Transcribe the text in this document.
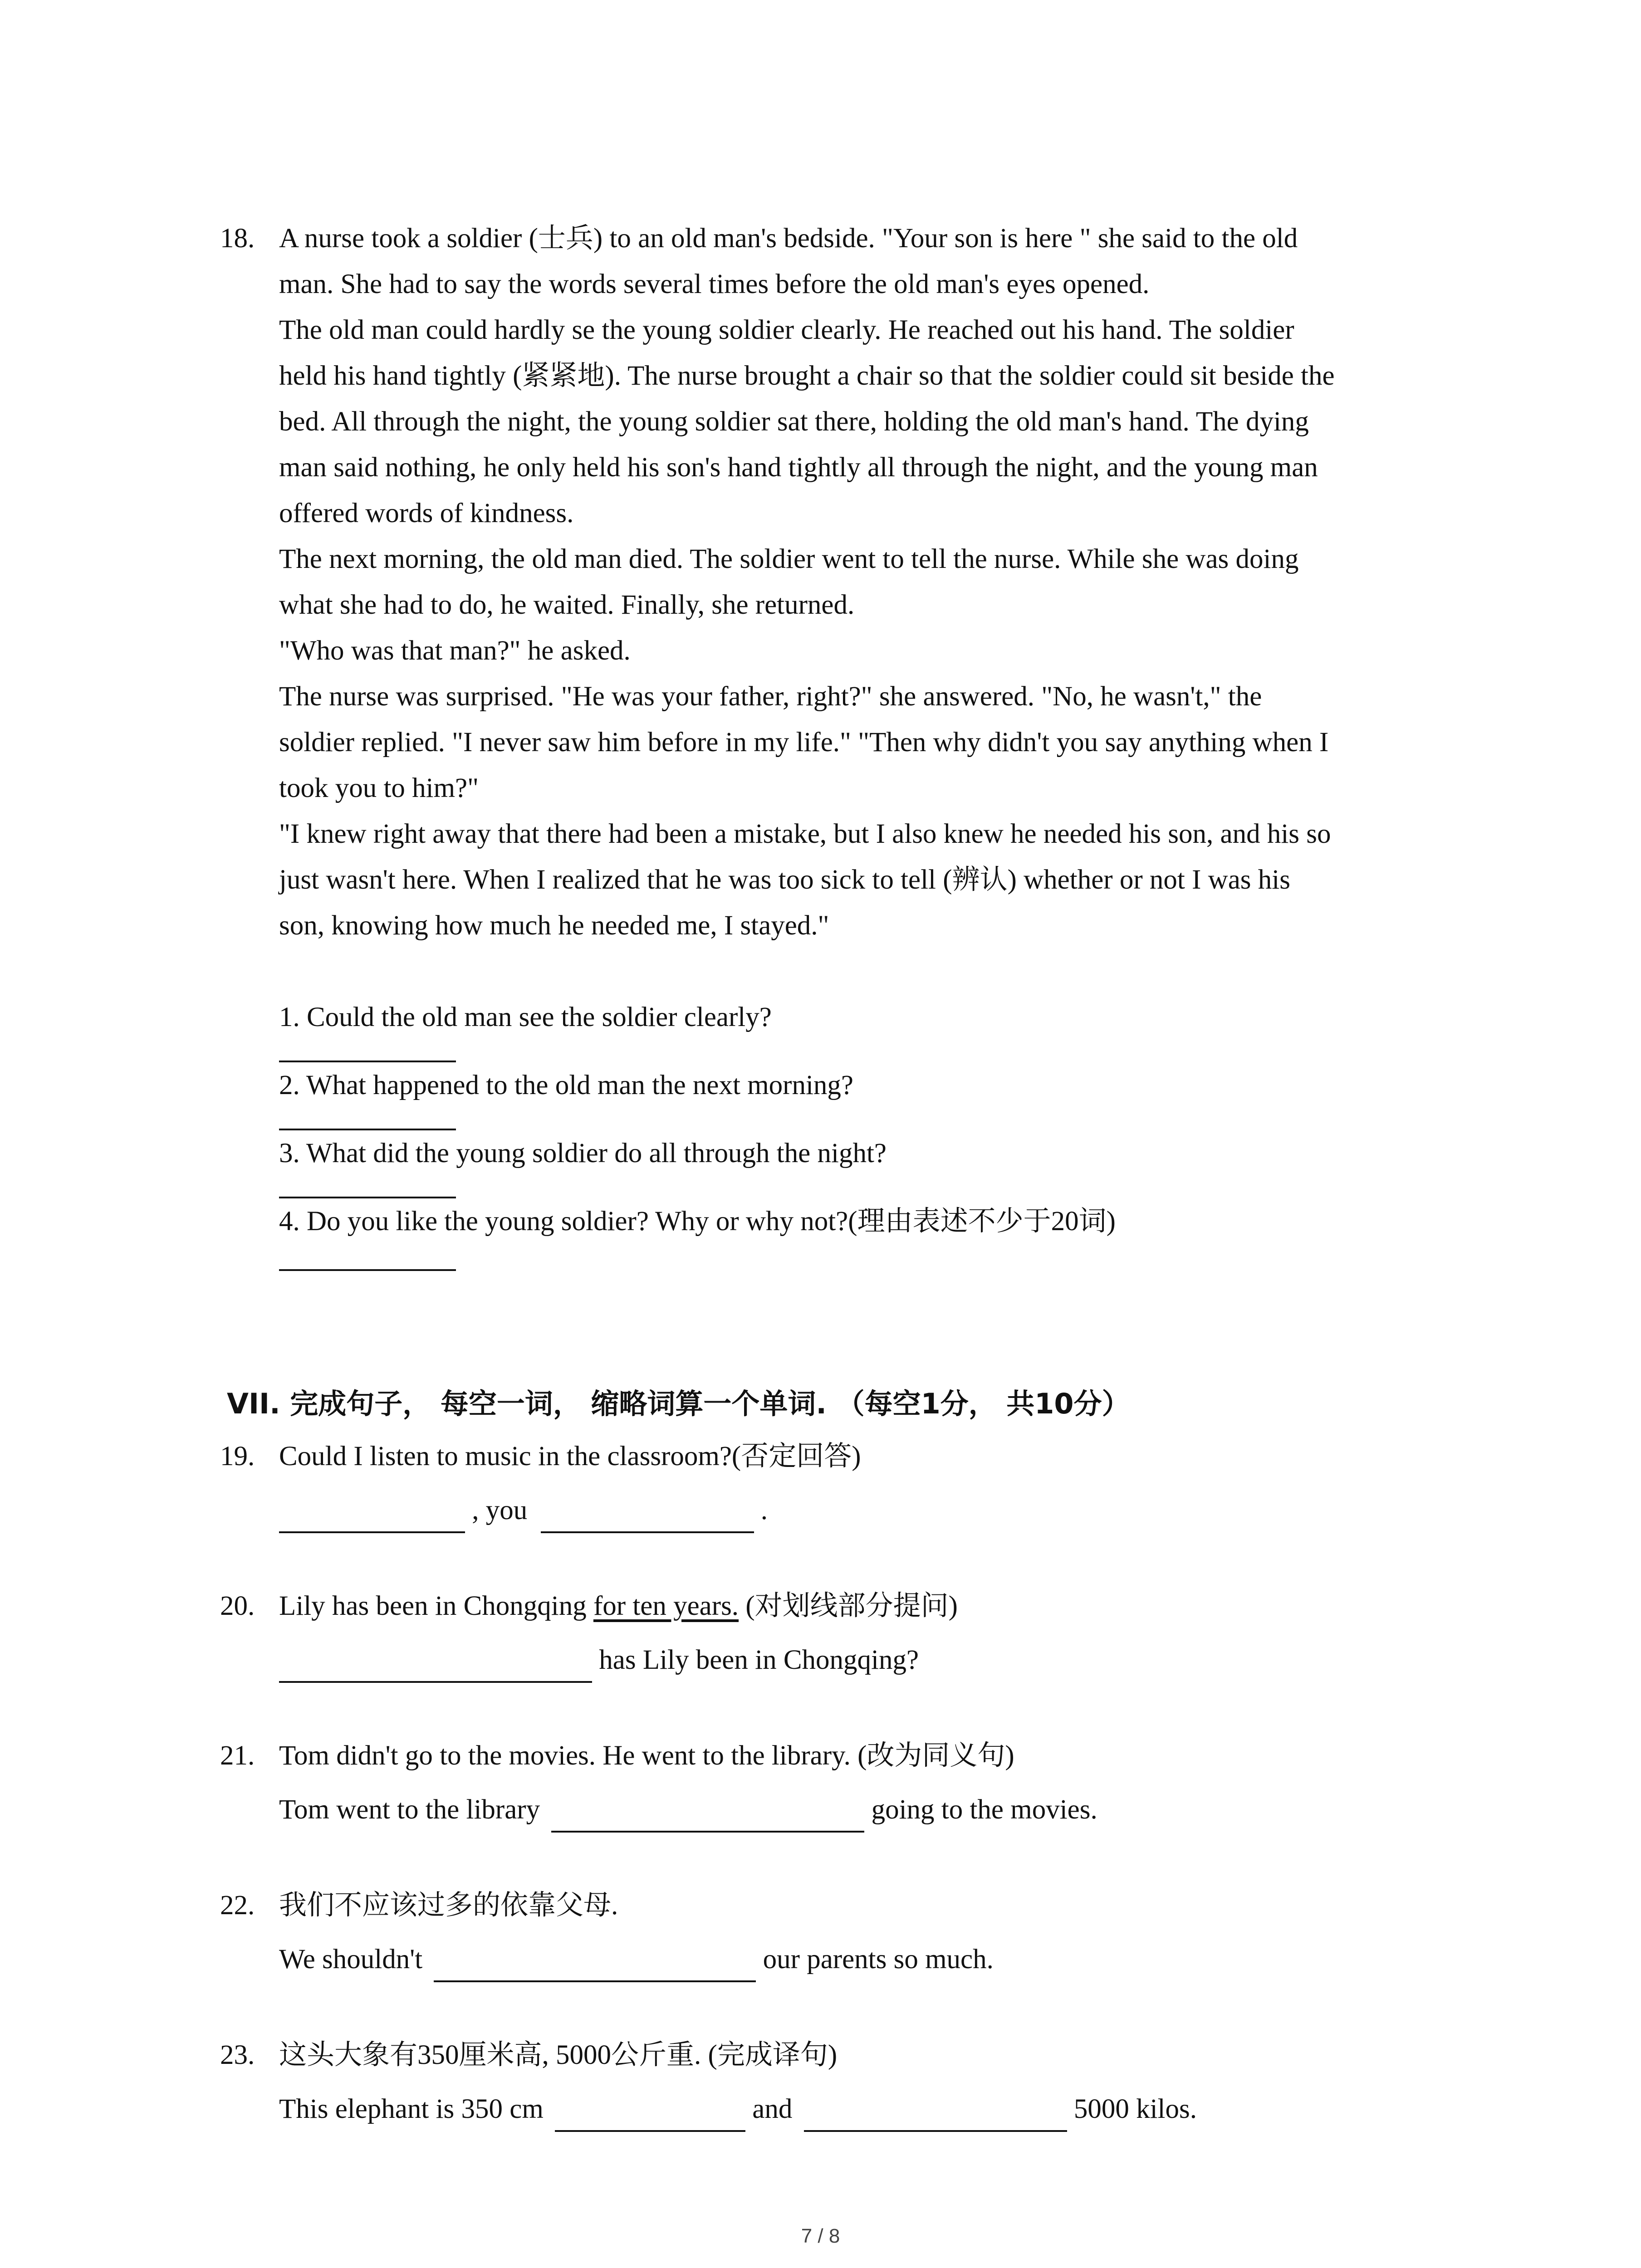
18. A nurse took a soldier (士兵) to an old man's bedside. "Your son is here " she said to the old
man. She had to say the words several times before the old man's eyes opened.
The old man could hardly se the young soldier clearly. He reached out his hand. The soldier
held his hand tightly (紧紧地). The nurse brought a chair so that the soldier could sit beside the
bed. All through the night, the young soldier sat there, holding the old man's hand. The dying
man said nothing, he only held his son's hand tightly all through the night, and the young man
offered words of kindness.
The next morning, the old man died. The soldier went to tell the nurse. While she was doing
what she had to do, he waited. Finally, she returned.
"Who was that man?" he asked.
The nurse was surprised. "He was your father, right?" she answered. "No, he wasn't," the
soldier replied. "I never saw him before in my life." "Then why didn't you say anything when I
took you to him?"
"I knew right away that there had been a mistake, but I also knew he needed his son, and his so
just wasn't here. When I realized that he was too sick to tell (辨认) whether or not I was his
son, knowing how much he needed me, I stayed."
1. Could the old man see the soldier clearly?
2. What happened to the old man the next morning?
3. What did the young soldier do all through the night?
4. Do you like the young soldier? Why or why not?(理由表述不少于20词)
VII. 完成句子， 每空一词， 缩略词算一个单词. （每空1分， 共10分）
19. Could I listen to music in the classroom?(否定回答)
, you	.
20. Lily has been in Chongqing for ten years. (对划线部分提问)
has Lily been in Chongqing?
21. Tom didn't go to the movies. He went to the library. (改为同义句)
Tom went to the library	going to the movies.
22. 我们不应该过多的依靠父母.
We shouldn't	our parents so much.
23. 这头大象有350厘米高, 5000公斤重. (完成译句)
This elephant is 350 cm	and	5000 kilos.
7 / 8
